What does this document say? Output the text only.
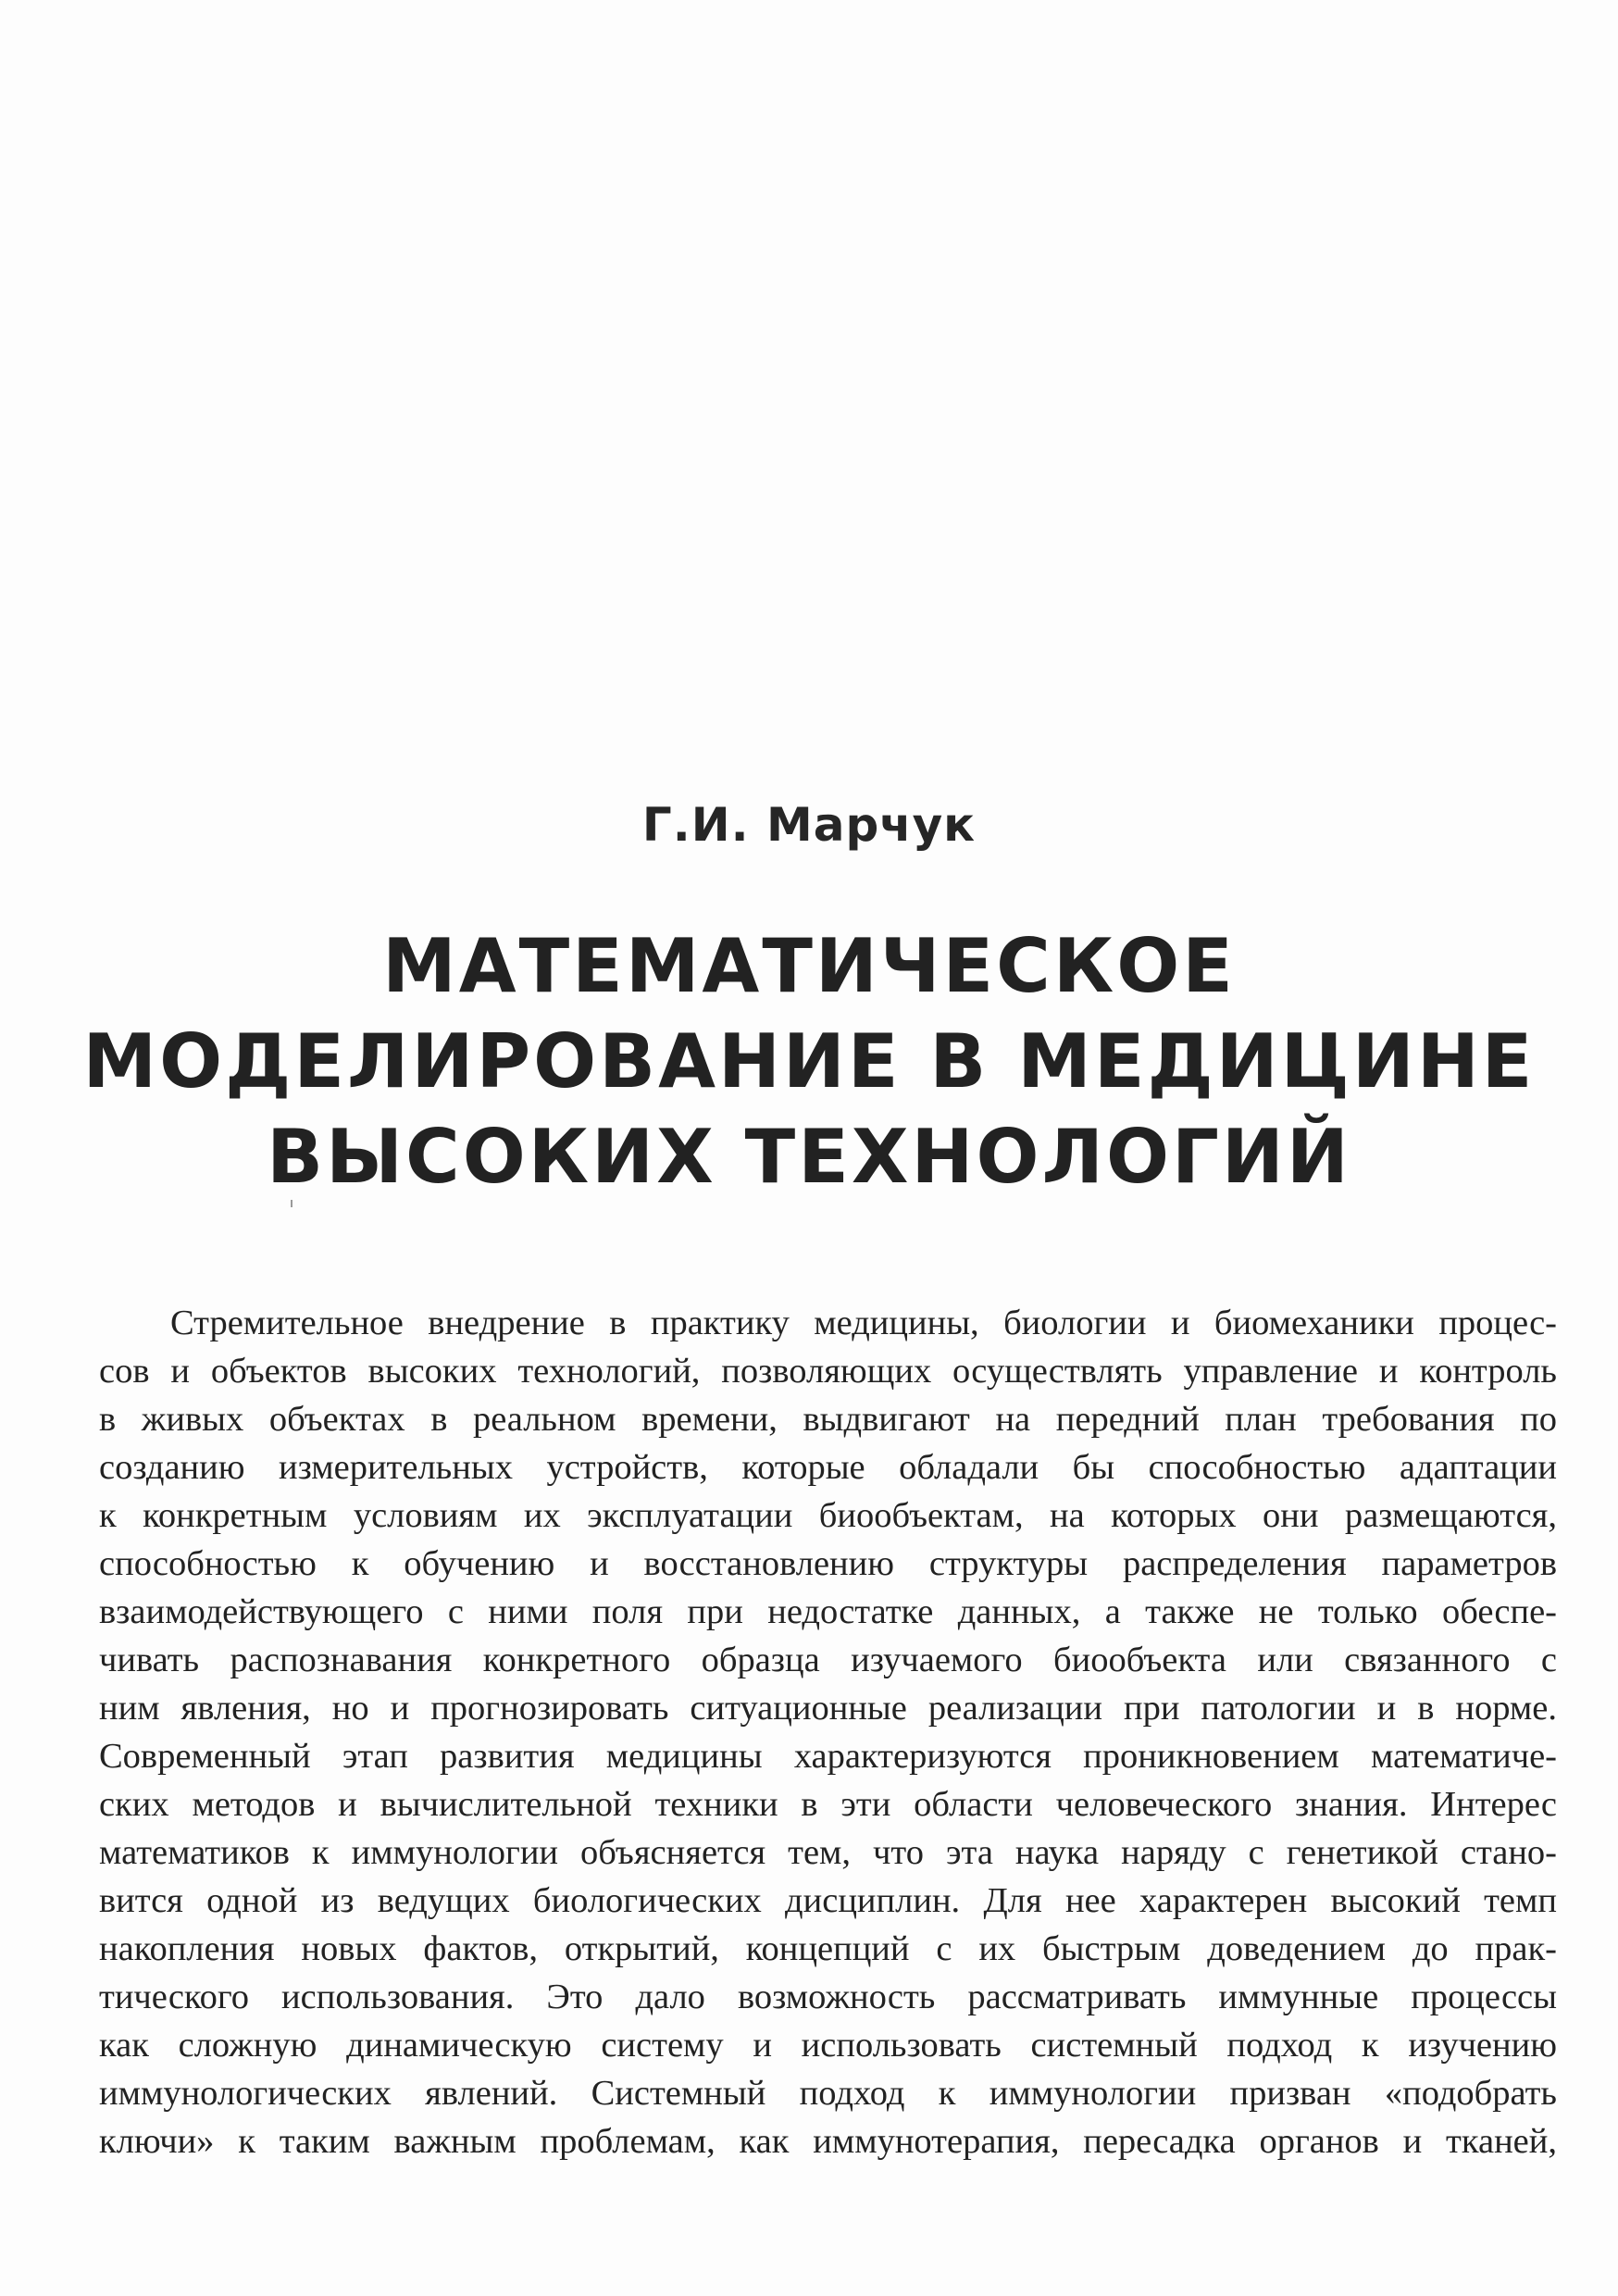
Г.И. Марчук
МАТЕМАТИЧЕСКОЕ
МОДЕЛИРОВАНИЕ В МЕДИЦИНЕ
ВЫСОКИХ ТЕХНОЛОГИЙ

Стремительное внедрение в практику медицины, биологии и биомеханики процес-
сов и объектов высоких технологий, позволяющих осуществлять управление и контроль
в живых объектах в реальном времени, выдвигают на передний план требования по
созданию измерительных устройств, которые обладали бы способностью адаптации
к конкретным условиям их эксплуатации биообъектам, на которых они размещаются,
способностью к обучению и восстановлению структуры распределения параметров
взаимодействующего с ними поля при недостатке данных, а также не только обеспе-
чивать распознавания конкретного образца изучаемого биообъекта или связанного с
ним явления, но и прогнозировать ситуационные реализации при патологии и в норме.
Современный этап развития медицины характеризуются проникновением математиче-
ских методов и вычислительной техники в эти области человеческого знания. Интерес
математиков к иммунологии объясняется тем, что эта наука наряду с генетикой стано-
вится одной из ведущих биологических дисциплин. Для нее характерен высокий темп
накопления новых фактов, открытий, концепций с их быстрым доведением до прак-
тического использования. Это дало возможность рассматривать иммунные процессы
как сложную динамическую систему и использовать системный подход к изучению
иммунологических явлений. Системный подход к иммунологии призван «подобрать
ключи» к таким важным проблемам, как иммунотерапия, пересадка органов и тканей,
